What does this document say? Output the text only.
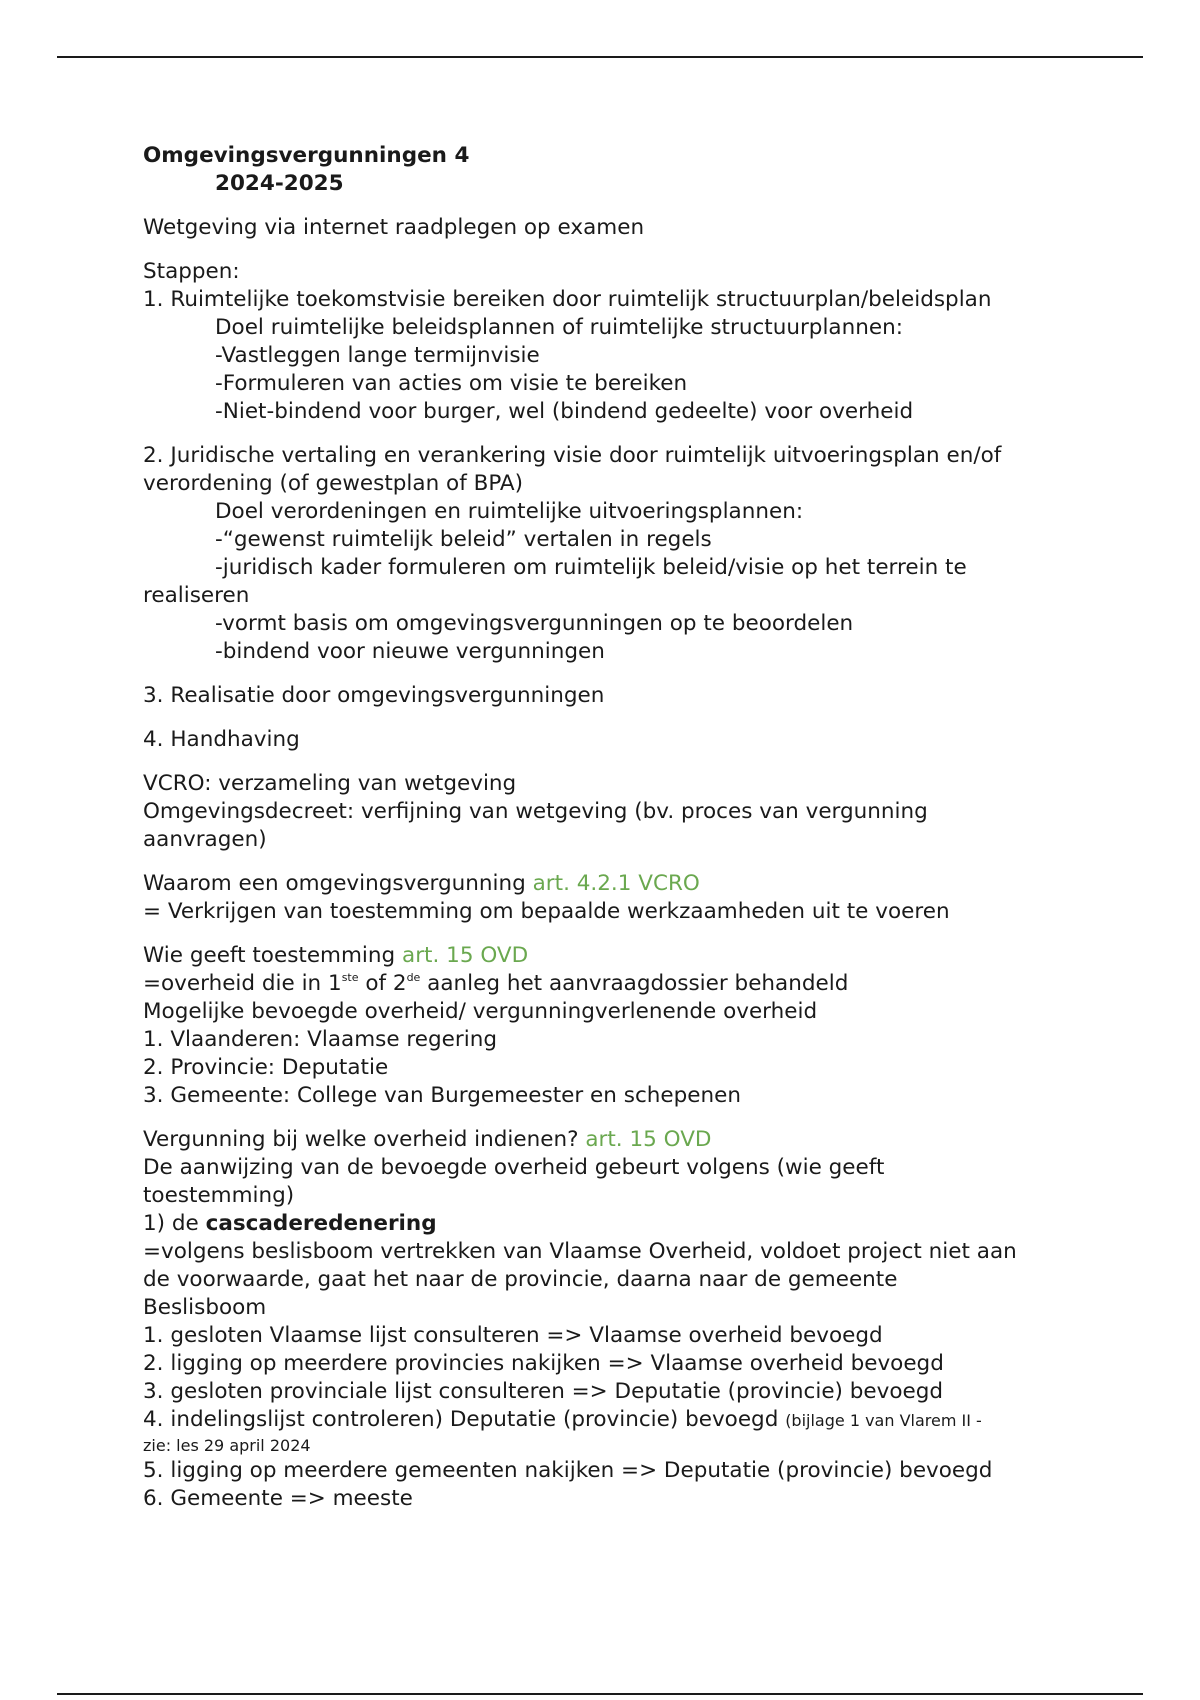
Omgevingsvergunningen 4
2024-2025
Wetgeving via internet raadplegen op examen
Stappen:
1. Ruimtelijke toekomstvisie bereiken door ruimtelijk structuurplan/beleidsplan
Doel ruimtelijke beleidsplannen of ruimtelijke structuurplannen:
-Vastleggen lange termijnvisie
-Formuleren van acties om visie te bereiken
-Niet-bindend voor burger, wel (bindend gedeelte) voor overheid
2. Juridische vertaling en verankering visie door ruimtelijk uitvoeringsplan en/of
verordening (of gewestplan of BPA)
Doel verordeningen en ruimtelijke uitvoeringsplannen:
-“gewenst ruimtelijk beleid” vertalen in regels
-juridisch kader formuleren om ruimtelijk beleid/visie op het terrein te
realiseren
-vormt basis om omgevingsvergunningen op te beoordelen
-bindend voor nieuwe vergunningen
3. Realisatie door omgevingsvergunningen
4. Handhaving
VCRO: verzameling van wetgeving
Omgevingsdecreet: verfijning van wetgeving (bv. proces van vergunning
aanvragen)
Waarom een omgevingsvergunning art. 4.2.1 VCRO
= Verkrijgen van toestemming om bepaalde werkzaamheden uit te voeren
Wie geeft toestemming art. 15 OVD
=overheid die in 1ste of 2de aanleg het aanvraagdossier behandeld
Mogelijke bevoegde overheid/ vergunningverlenende overheid
1. Vlaanderen: Vlaamse regering
2. Provincie: Deputatie
3. Gemeente: College van Burgemeester en schepenen
Vergunning bij welke overheid indienen? art. 15 OVD
De aanwijzing van de bevoegde overheid gebeurt volgens (wie geeft
toestemming)
1) de cascaderedenering
=volgens beslisboom vertrekken van Vlaamse Overheid, voldoet project niet aan
de voorwaarde, gaat het naar de provincie, daarna naar de gemeente
Beslisboom
1. gesloten Vlaamse lijst consulteren => Vlaamse overheid bevoegd
2. ligging op meerdere provincies nakijken => Vlaamse overheid bevoegd
3. gesloten provinciale lijst consulteren => Deputatie (provincie) bevoegd
4. indelingslijst controleren) Deputatie (provincie) bevoegd (bijlage 1 van Vlarem II -
zie: les 29 april 2024
5. ligging op meerdere gemeenten nakijken => Deputatie (provincie) bevoegd
6. Gemeente => meeste
